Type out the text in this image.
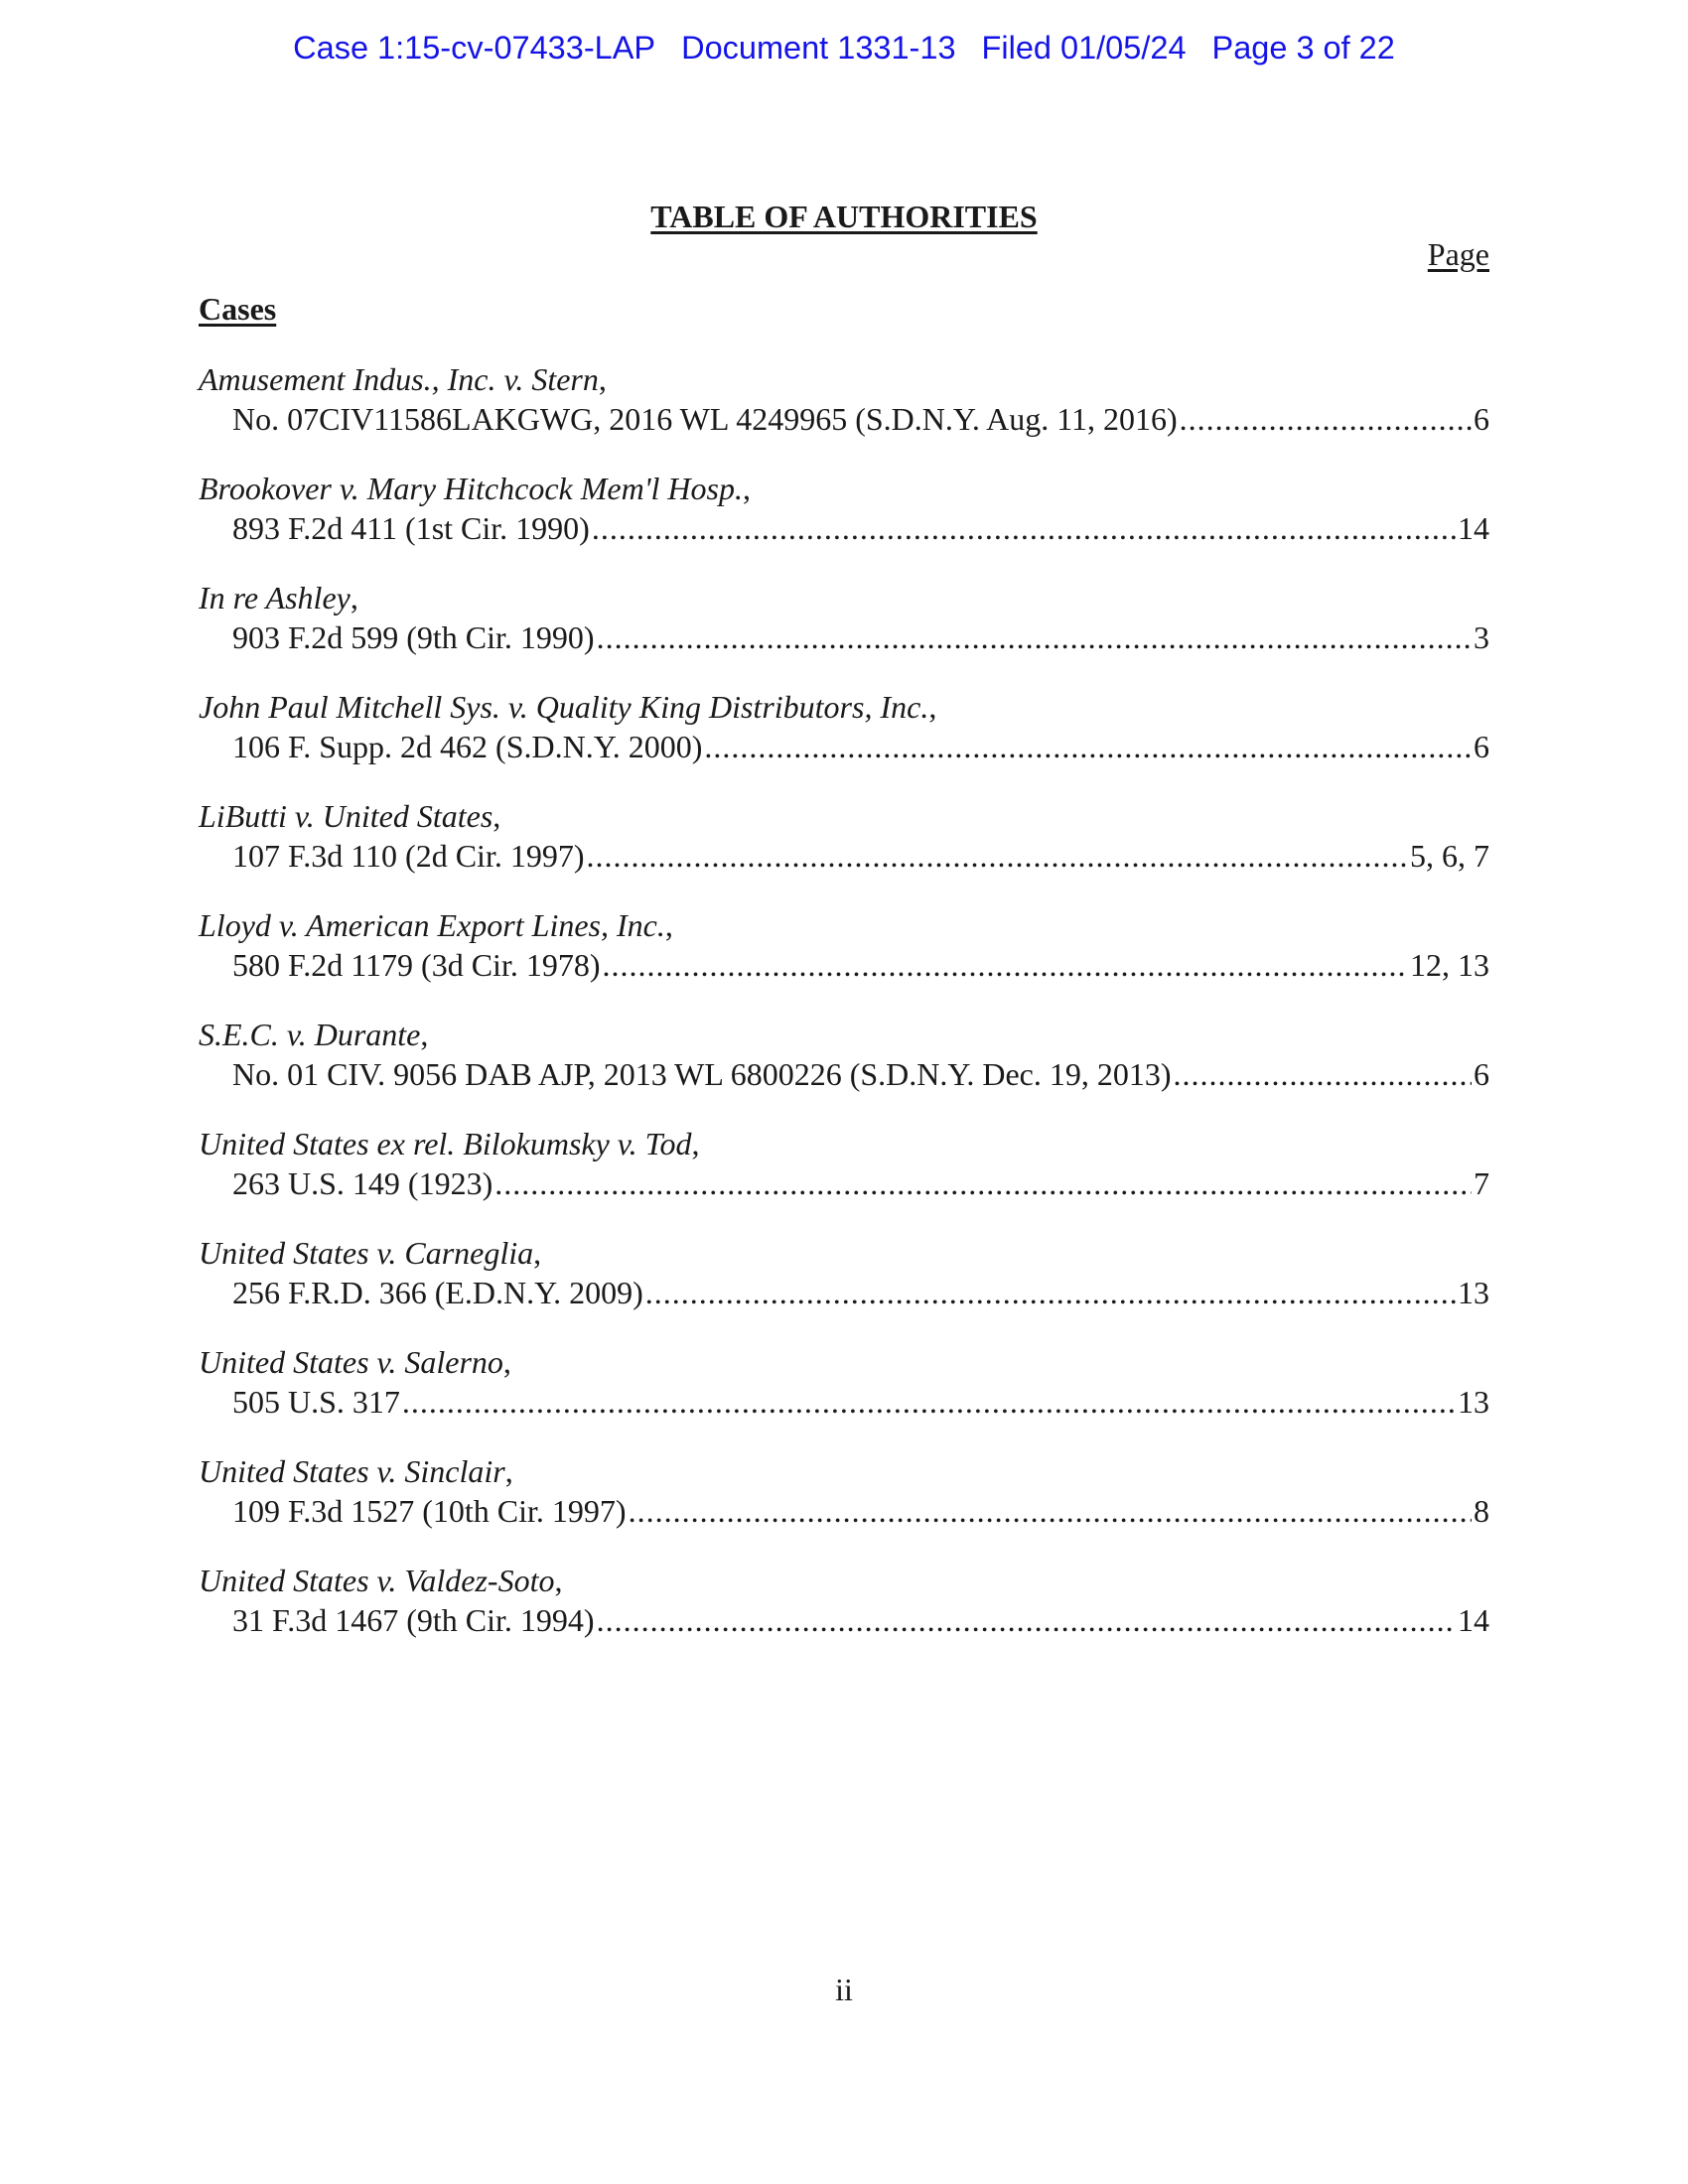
Case 1:15-cv-07433-LAP Document 1331-13 Filed 01/05/24 Page 3 of 22
TABLE OF AUTHORITIES
Page
Cases
Amusement Indus., Inc. v. Stern,
No. 07CIV11586LAKGWG, 2016 WL 4249965 (S.D.N.Y. Aug. 11, 2016) .....	6
Brookover v. Mary Hitchcock Mem'l Hosp.,
893 F.2d 411 (1st Cir. 1990) .....	14
In re Ashley,
903 F.2d 599 (9th Cir. 1990) .....	3
John Paul Mitchell Sys. v. Quality King Distributors, Inc.,
106 F. Supp. 2d 462 (S.D.N.Y. 2000) .....	6
LiButti v. United States,
107 F.3d 110 (2d Cir. 1997) .....	5, 6, 7
Lloyd v. American Export Lines, Inc.,
580 F.2d 1179 (3d Cir. 1978) .....	12, 13
S.E.C. v. Durante,
No. 01 CIV. 9056 DAB AJP, 2013 WL 6800226 (S.D.N.Y. Dec. 19, 2013) .....	6
United States ex rel. Bilokumsky v. Tod,
263 U.S. 149 (1923) .....	7
United States v. Carneglia,
256 F.R.D. 366 (E.D.N.Y. 2009) .....	13
United States v. Salerno,
505 U.S. 317 .....	13
United States v. Sinclair,
109 F.3d 1527 (10th Cir. 1997) .....	8
United States v. Valdez-Soto,
31 F.3d 1467 (9th Cir. 1994) .....	14
ii
